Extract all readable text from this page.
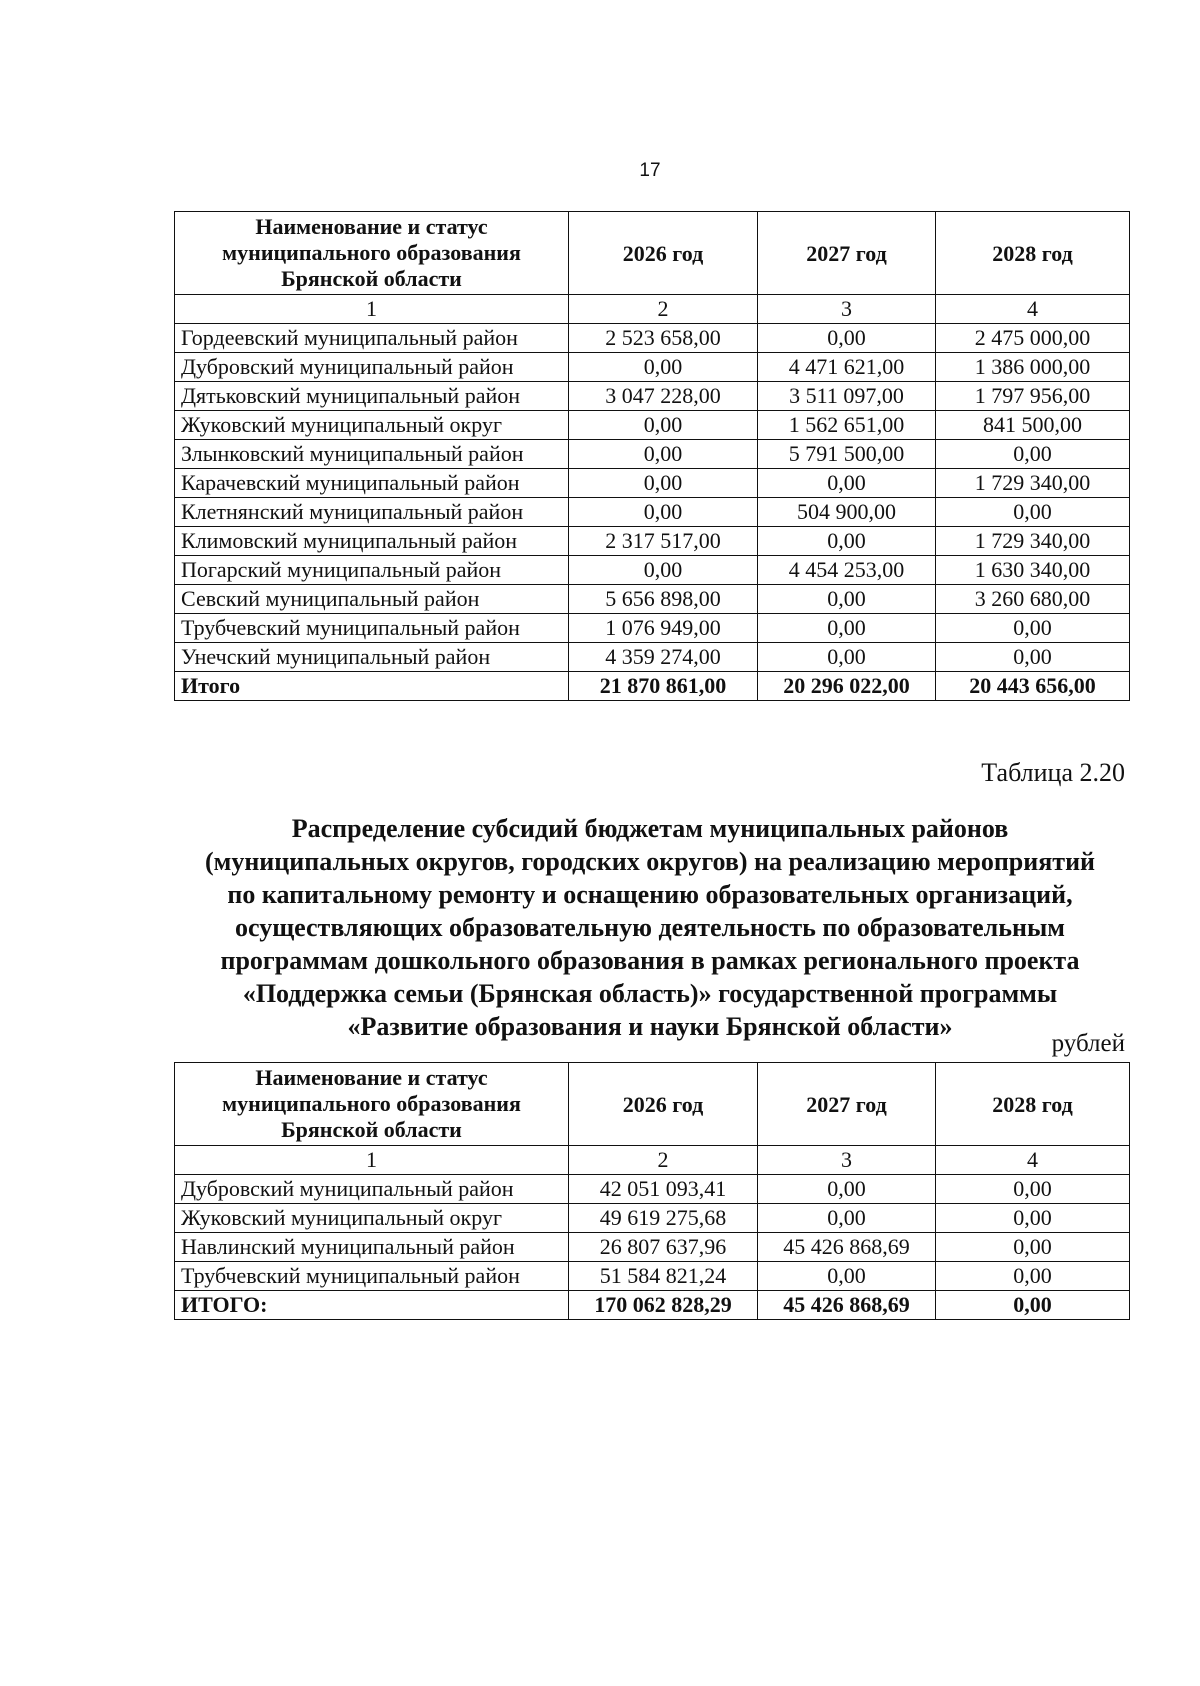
17
Наименование и статус
муниципального образования
Брянской области	2026 год	2027 год	2028 год
1	2	3	4
Гордеевский муниципальный район	2 523 658,00	0,00	2 475 000,00
Дубровский муниципальный район	0,00	4 471 621,00	1 386 000,00
Дятьковский муниципальный район	3 047 228,00	3 511 097,00	1 797 956,00
Жуковский муниципальный округ	0,00	1 562 651,00	841 500,00
Злынковский муниципальный район	0,00	5 791 500,00	0,00
Карачевский муниципальный район	0,00	0,00	1 729 340,00
Клетнянский муниципальный район	0,00	504 900,00	0,00
Климовский муниципальный район	2 317 517,00	0,00	1 729 340,00
Погарский муниципальный район	0,00	4 454 253,00	1 630 340,00
Севский муниципальный район	5 656 898,00	0,00	3 260 680,00
Трубчевский муниципальный район	1 076 949,00	0,00	0,00
Унечский муниципальный район	4 359 274,00	0,00	0,00
Итого	21 870 861,00	20 296 022,00	20 443 656,00
Таблица 2.20
Распределение субсидий бюджетам муниципальных районов
(муниципальных округов, городских округов) на реализацию мероприятий
по капитальному ремонту и оснащению образовательных организаций,
осуществляющих образовательную деятельность по образовательным
программам дошкольного образования в рамках регионального проекта
«Поддержка семьи (Брянская область)» государственной программы
«Развитие образования и науки Брянской области»
рублей
Наименование и статус
муниципального образования
Брянской области	2026 год	2027 год	2028 год
1	2	3	4
Дубровский муниципальный район	42 051 093,41	0,00	0,00
Жуковский муниципальный округ	49 619 275,68	0,00	0,00
Навлинский муниципальный район	26 807 637,96	45 426 868,69	0,00
Трубчевский муниципальный район	51 584 821,24	0,00	0,00
ИТОГО:	170 062 828,29	45 426 868,69	0,00
